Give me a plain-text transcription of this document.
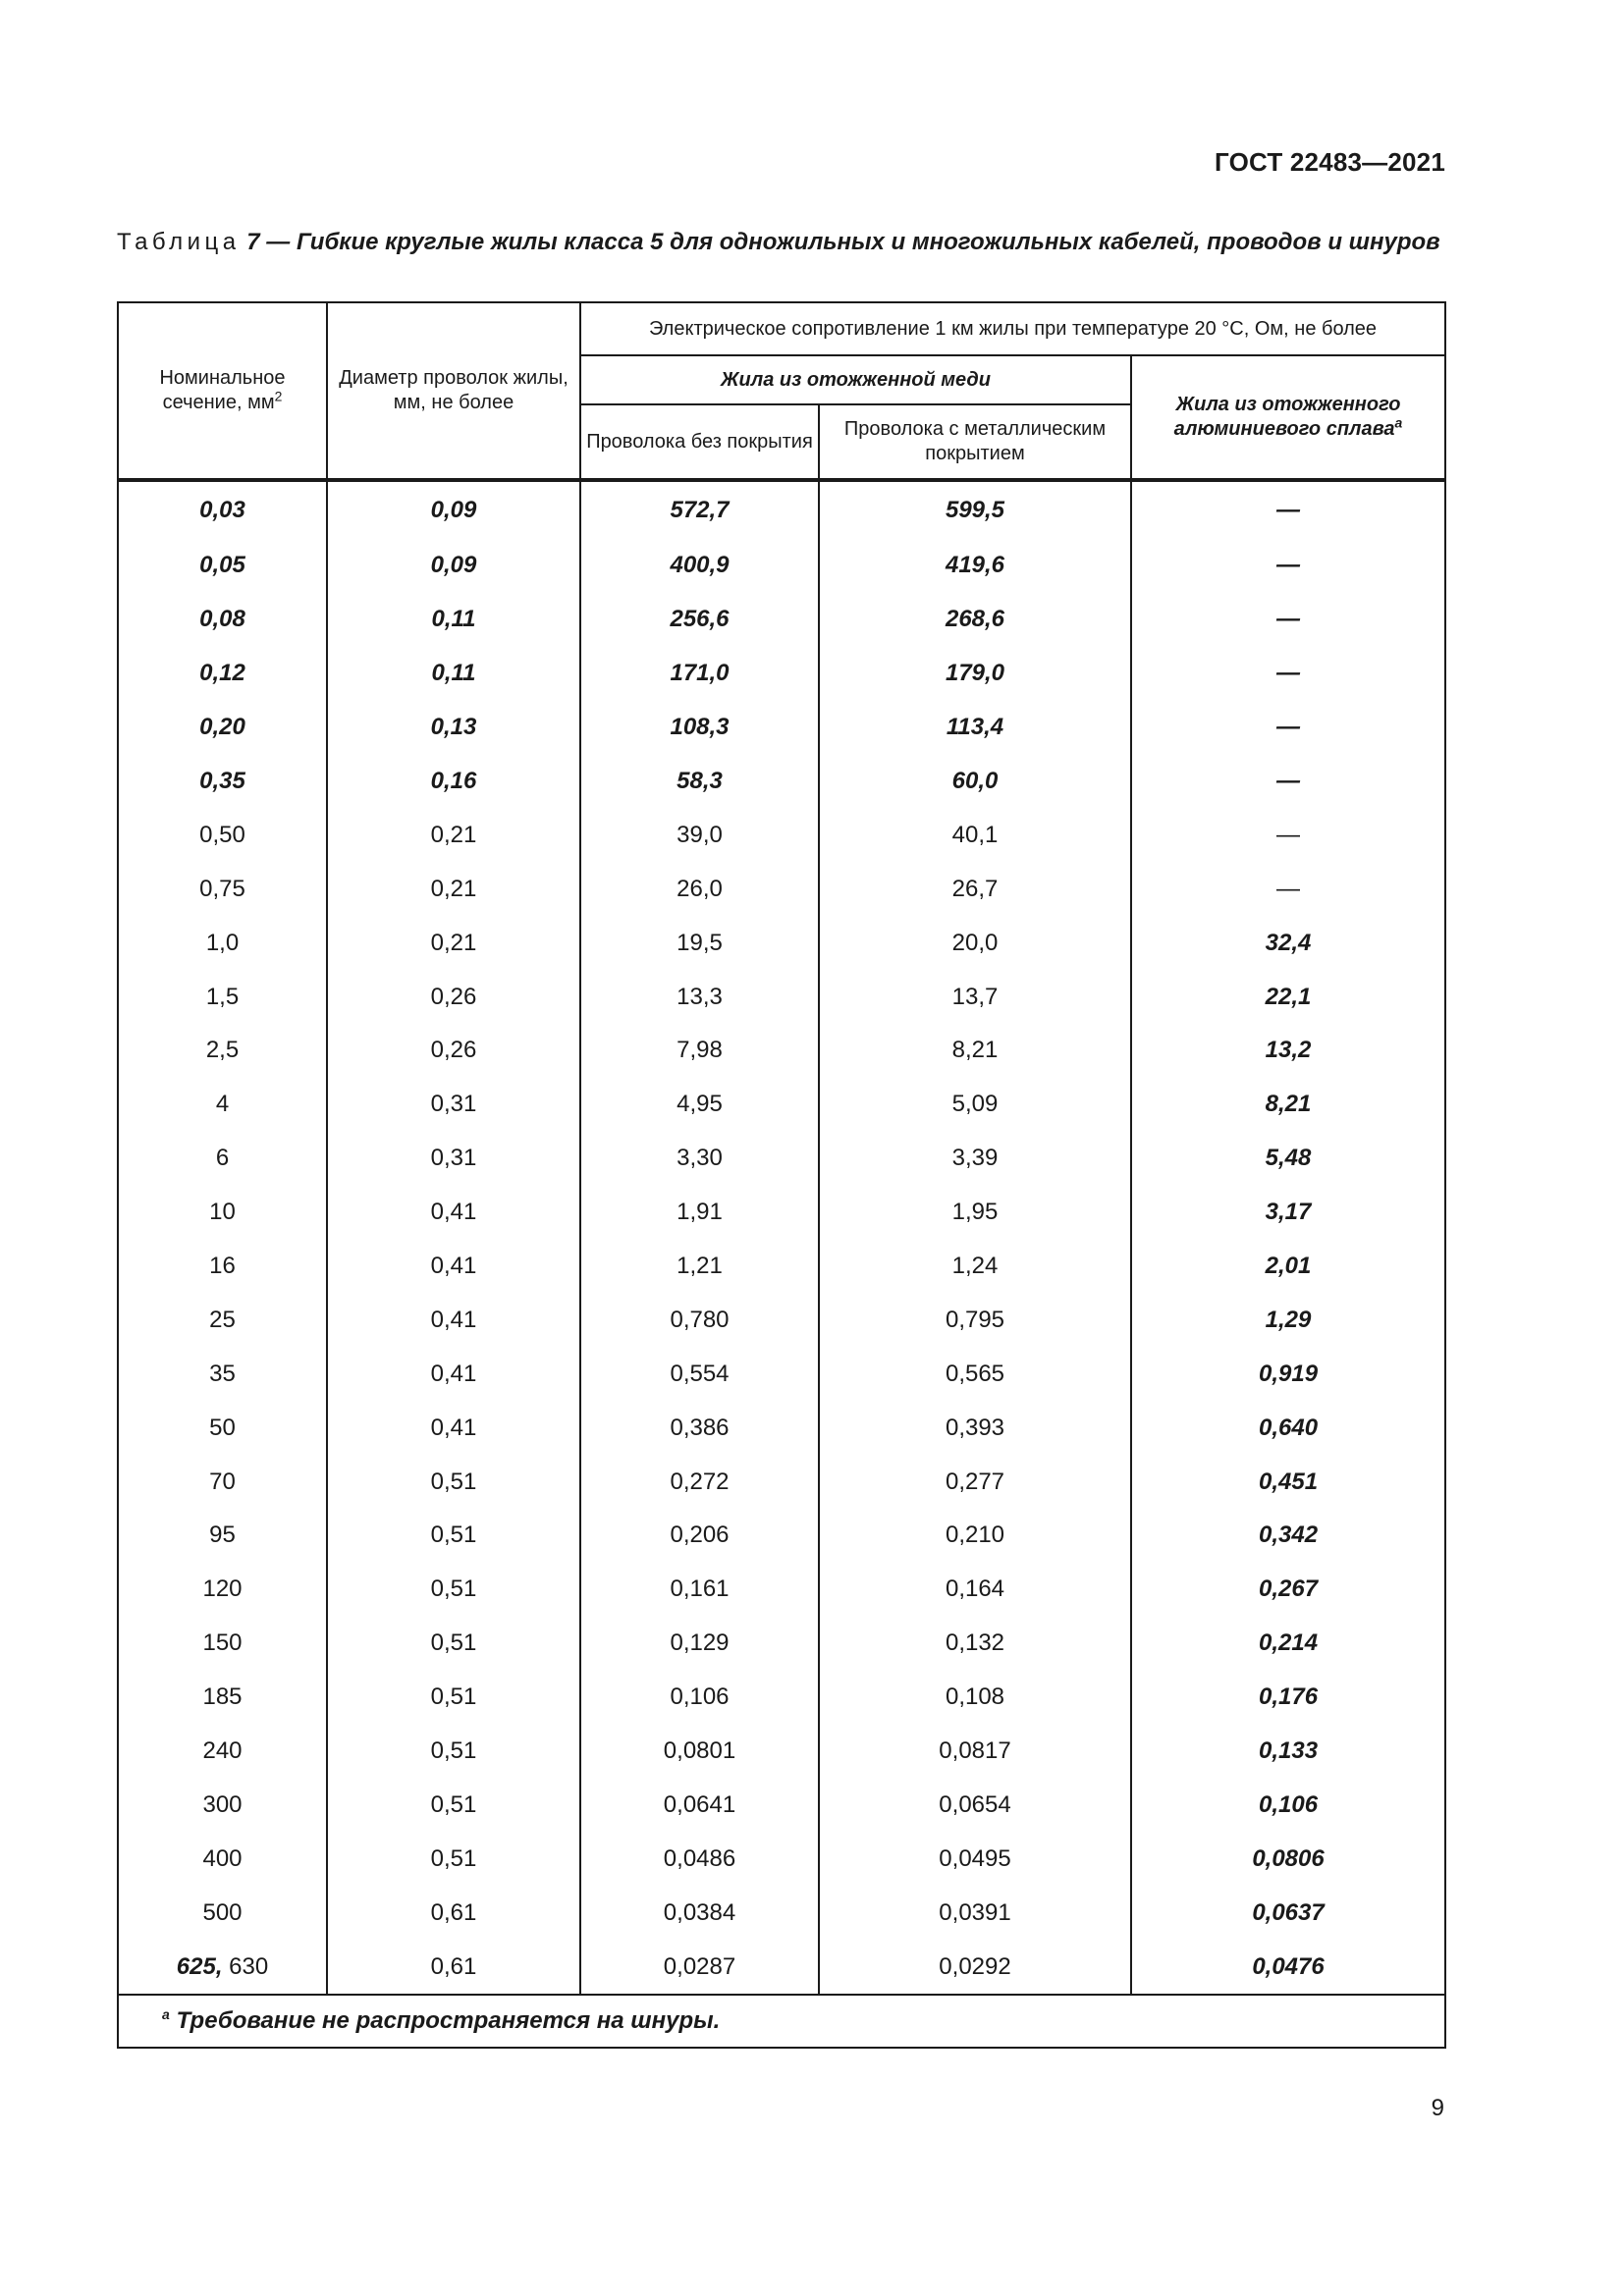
ГОСТ 22483—2021
Таблица 7 — Гибкие круглые жилы класса 5 для одножильных и многожильных кабелей, проводов и шнуров
Номинальное сечение, $мм^2$	Диаметр проволок жилы, мм, не более	Электрическое сопротивление 1 км жилы при температуре 20 °С, Ом, не более		
		Жила из отожженной меди		Жила из отожженного алюминиевого сплава$^a$
		Проволока без покрытия	Проволока с металлическим покрытием	
0,03	0,09	572,7	599,5	—
0,05	0,09	400,9	419,6	—
0,08	0,11	256,6	268,6	—
0,12	0,11	171,0	179,0	—
0,20	0,13	108,3	113,4	—
0,35	0,16	58,3	60,0	—
0,50	0,21	39,0	40,1	—
0,75	0,21	26,0	26,7	—
1,0	0,21	19,5	20,0	32,4
1,5	0,26	13,3	13,7	22,1
2,5	0,26	7,98	8,21	13,2
4	0,31	4,95	5,09	8,21
6	0,31	3,30	3,39	5,48
10	0,41	1,91	1,95	3,17
16	0,41	1,21	1,24	2,01
25	0,41	0,780	0,795	1,29
35	0,41	0,554	0,565	0,919
50	0,41	0,386	0,393	0,640
70	0,51	0,272	0,277	0,451
95	0,51	0,206	0,210	0,342
120	0,51	0,161	0,164	0,267
150	0,51	0,129	0,132	0,214
185	0,51	0,106	0,108	0,176
240	0,51	0,0801	0,0817	0,133
300	0,51	0,0641	0,0654	0,106
400	0,51	0,0486	0,0495	0,0806
500	0,61	0,0384	0,0391	0,0637
625, 630	0,61	0,0287	0,0292	0,0476
$^a$ Требование не распространяется на шнуры.				
9
